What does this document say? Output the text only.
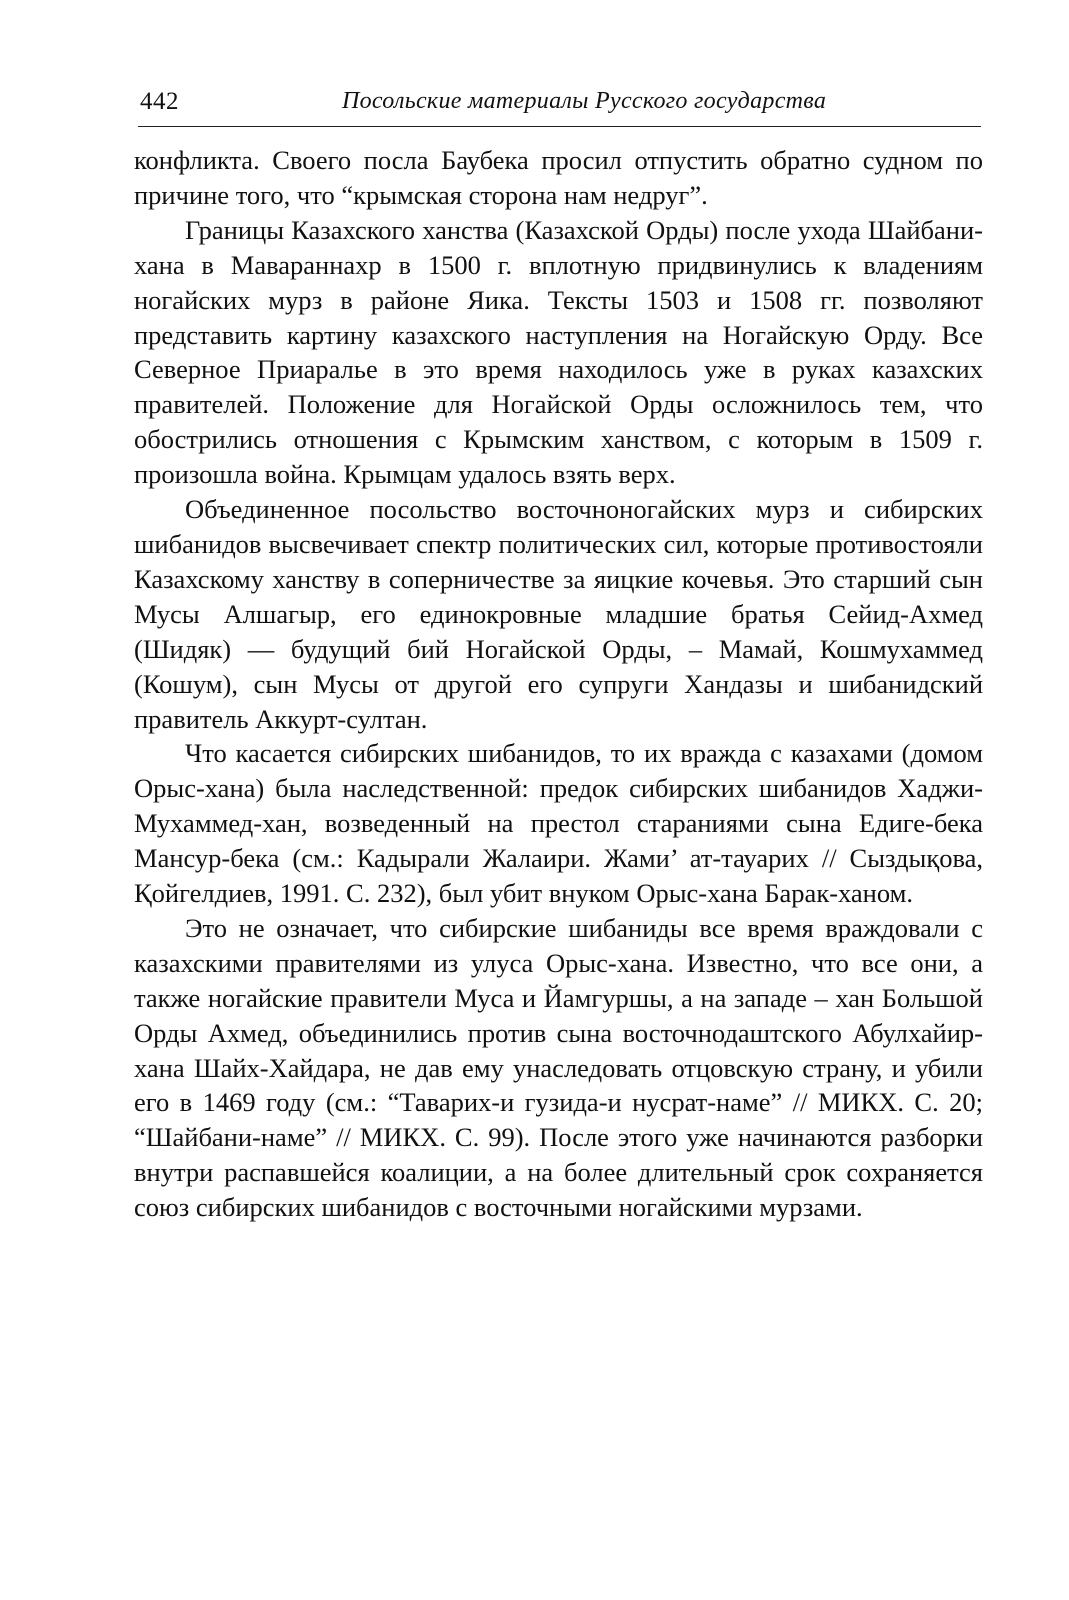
442	Посольские материалы Русского государства

конфликта. Своего посла Баубека просил отпустить обратно судном по причине того, что “крымская сторона нам недруг”.

Границы Казахского ханства (Казахской Орды) после ухода Шайбани-хана в Мавараннахр в 1500 г. вплотную придвинулись к владениям ногайских мурз в районе Яика. Тексты 1503 и 1508 гг. позволяют представить картину казахского наступления на Ногайскую Орду. Все Северное Приаралье в это время находилось уже в руках казахских правителей. Положение для Ногайской Орды осложнилось тем, что обострились отношения с Крымским ханством, с которым в 1509 г. произошла война. Крымцам удалось взять верх.

Объединенное посольство восточноногайских мурз и сибирских шибанидов высвечивает спектр политических сил, которые противостояли Казахскому ханству в соперничестве за яицкие кочевья. Это старший сын Мусы Алшагыр, его единокровные младшие братья Сейид-Ахмед (Шидяк) — будущий бий Ногайской Орды, – Мамай, Кошмухаммед (Кошум), сын Мусы от другой его супруги Хандазы и шибанидский правитель Аккурт-султан.

Что касается сибирских шибанидов, то их вражда с казахами (домом Орыс-хана) была наследственной: предок сибирских шибанидов Хаджи-Мухаммед-хан, возведенный на престол стараниями сына Едиге-бека Мансур-бека (см.: Кадырали Жалаири. Жами’ ат-тауарих // Сыздықова, Қойгелдиев, 1991. С. 232), был убит внуком Орыс-хана Барак-ханом.

Это не означает, что сибирские шибаниды все время враждовали с казахскими правителями из улуса Орыс-хана. Известно, что все они, а также ногайские правители Муса и Йамгуршы, а на западе – хан Большой Орды Ахмед, объединились против сына восточнодаштского Абулхайир-хана Шайх-Хайдара, не дав ему унаследовать отцовскую страну, и убили его в 1469 году (см.: “Таварих-и гузида-и нусрат-наме” // МИКХ. С. 20; “Шайбани-наме” // МИКХ. С. 99). После этого уже начинаются разборки внутри распавшейся коалиции, а на более длительный срок сохраняется союз сибирских шибанидов с восточными ногайскими мурзами.
